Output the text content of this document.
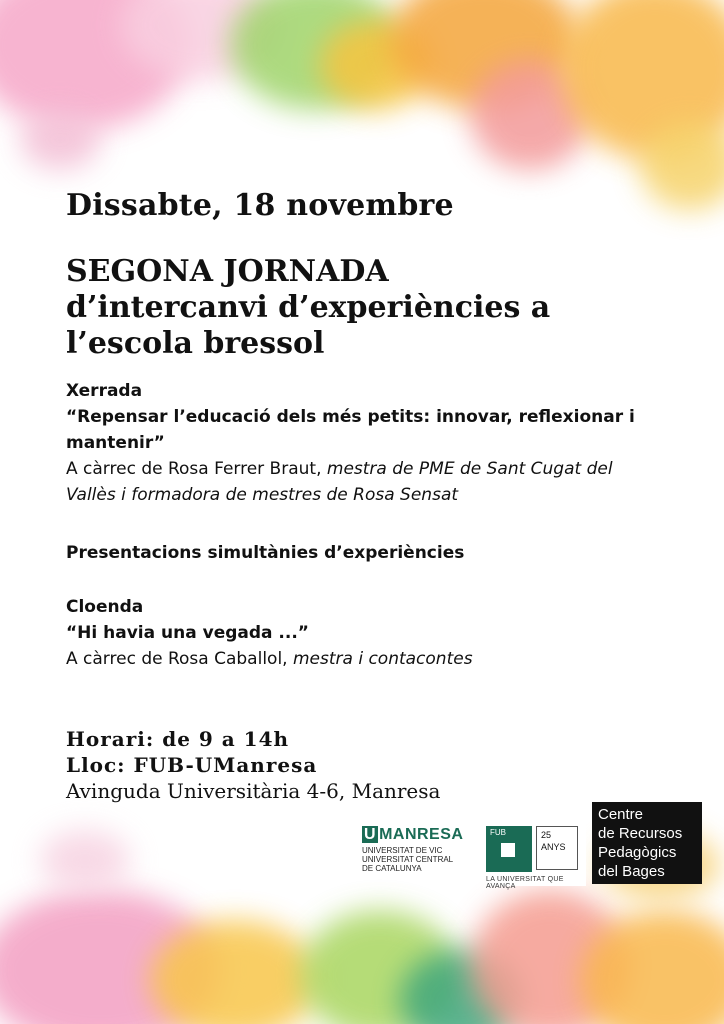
Dissabte, 18 novembre
SEGONA JORNADA
d’intercanvi d’experiències a
l’escola bressol
Xerrada
“Repensar l’educació dels més petits: innovar, reflexionar i
mantenir”
A càrrec de Rosa Ferrer Braut, mestra de PME de Sant Cugat del
Vallès i formadora de mestres de Rosa Sensat
Presentacions simultànies d’experiències
Cloenda
“Hi havia una vegada ...”
A càrrec de Rosa Caballol, mestra i contacontes
Horari: de 9 a 14h
Lloc: FUB-UManresa
Avinguda Universitària 4-6, Manresa
U MANRESA
UNIVERSITAT DE VIC
UNIVERSITAT CENTRAL
DE CATALUNYA
FUB	25
ANYS
LA UNIVERSITAT QUE AVANÇA
Centre
de Recursos
Pedagògics
del Bages
